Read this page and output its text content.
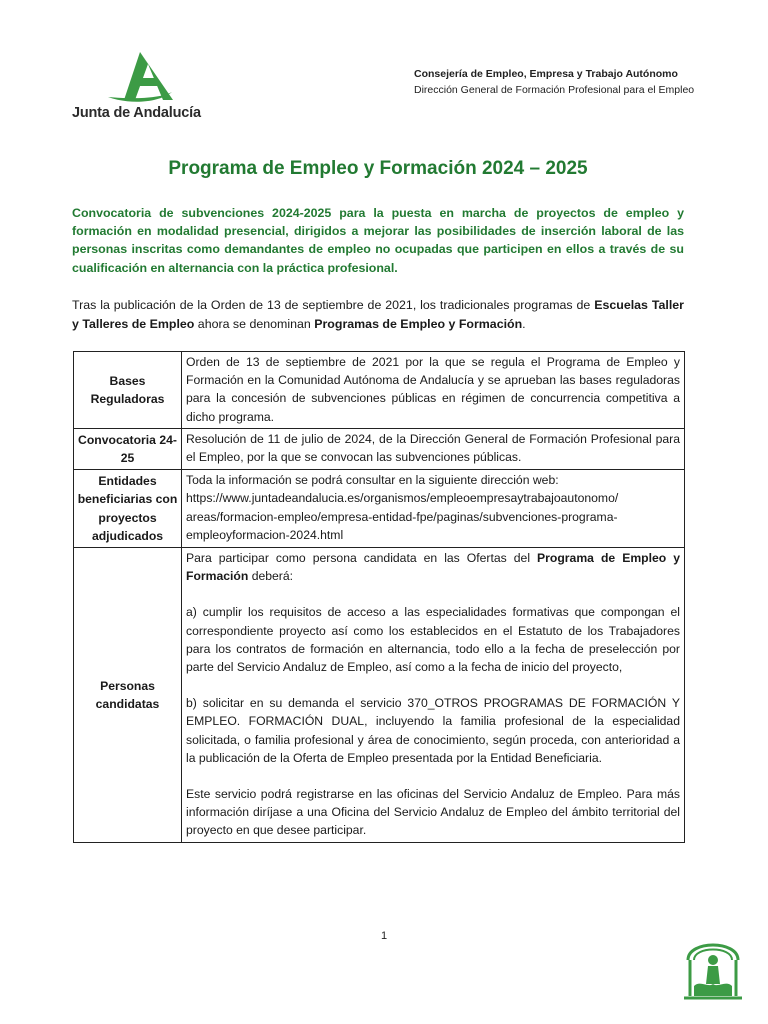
Junta de Andalucía
Consejería de Empleo, Empresa y Trabajo Autónomo
Dirección General de Formación Profesional para el Empleo
Programa de Empleo y Formación 2024 – 2025
Convocatoria de subvenciones 2024-2025 para la puesta en marcha de proyectos de empleo y formación en modalidad presencial, dirigidos a mejorar las posibilidades de inserción laboral de las personas inscritas como demandantes de empleo no ocupadas que participen en ellos a través de su cualificación en alternancia con la práctica profesional.
Tras la publicación de la Orden de 13 de septiembre de 2021, los tradicionales programas de Escuelas Taller y Talleres de Empleo ahora se denominan Programas de Empleo y Formación.
Bases Reguladoras	Orden de 13 de septiembre de 2021 por la que se regula el Programa de Empleo y Formación en la Comunidad Autónoma de Andalucía y se aprueban las bases reguladoras para la concesión de subvenciones públicas en régimen de concurrencia competitiva a dicho programa.
Convocatoria 24-25	Resolución de 11 de julio de 2024, de la Dirección General de Formación Profesional para el Empleo, por la que se convocan las subvenciones públicas.
Entidades beneficiarias con proyectos adjudicados	Toda la información se podrá consultar en la siguiente dirección web:
https://www.juntadeandalucia.es/organismos/empleoempresaytrabajoautonomo/ areas/formacion-empleo/empresa-entidad-fpe/paginas/subvenciones-programa-empleoyformacion-2024.html

Personas candidatas	Para participar como persona candidata en las Ofertas del Programa de Empleo y Formación deberá:
a) cumplir los requisitos de acceso a las especialidades formativas que compongan el correspondiente proyecto así como los establecidos en el Estatuto de los Trabajadores para los contratos de formación en alternancia, todo ello a la fecha de preselección por parte del Servicio Andaluz de Empleo, así como a la fecha de inicio del proyecto,
b) solicitar en su demanda el servicio 370_OTROS PROGRAMAS DE FORMACIÓN Y EMPLEO. FORMACIÓN DUAL, incluyendo la familia profesional de la especialidad solicitada, o familia profesional y área de conocimiento, según proceda, con anterioridad a la publicación de la Oferta de Empleo presentada por la Entidad Beneficiaria.
Este servicio podrá registrarse en las oficinas del Servicio Andaluz de Empleo. Para más información diríjase a una Oficina del Servicio Andaluz de Empleo del ámbito territorial del proyecto en que desee participar.
1
